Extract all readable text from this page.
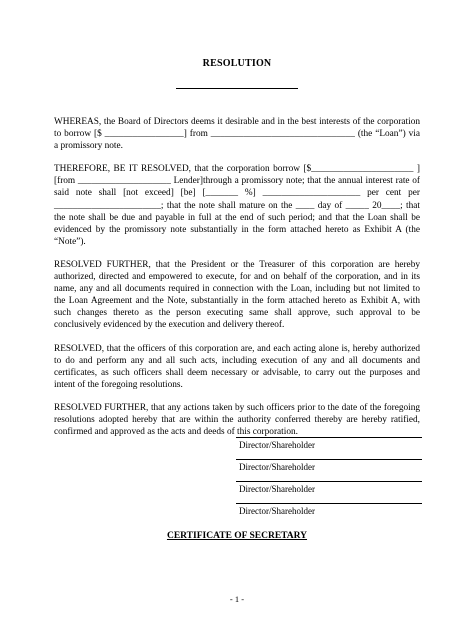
RESOLUTION

WHEREAS, the Board of Directors deems it desirable and in the best interests of the corporation to borrow [$ _________________] from _______________________________ (the “Loan”) via a promissory note.

THEREFORE, BE IT RESOLVED, that the corporation borrow [$______________________ ] [from ____________________ Lender]through a promissory note; that the annual interest rate of said note shall [not exceed] [be] [_______ %] _____________________ per cent per _______________________; that the note shall mature on the ____ day of _____ 20____; that the note shall be due and payable in full at the end of such period; and that the Loan shall be evidenced by the promissory note substantially in the form attached hereto as Exhibit A (the “Note”).

RESOLVED FURTHER, that the President or the Treasurer of this corporation are hereby authorized, directed and empowered to execute, for and on behalf of the corporation, and in its name, any and all documents required in connection with the Loan, including but not limited to the Loan Agreement and the Note, substantially in the form attached hereto as Exhibit A, with such changes thereto as the person executing same shall approve, such approval to be conclusively evidenced by the execution and delivery thereof.

RESOLVED, that the officers of this corporation are, and each acting alone is, hereby authorized to do and perform any and all such acts, including execution of any and all documents and certificates, as such officers shall deem necessary or advisable, to carry out the purposes and intent of the foregoing resolutions.

RESOLVED FURTHER, that any actions taken by such officers prior to the date of the foregoing resolutions adopted hereby that are within the authority conferred thereby are hereby ratified, confirmed and approved as the acts and deeds of this corporation.

Director/Shareholder
Director/Shareholder
Director/Shareholder
Director/Shareholder
CERTIFICATE OF SECRETARY
- 1 -
